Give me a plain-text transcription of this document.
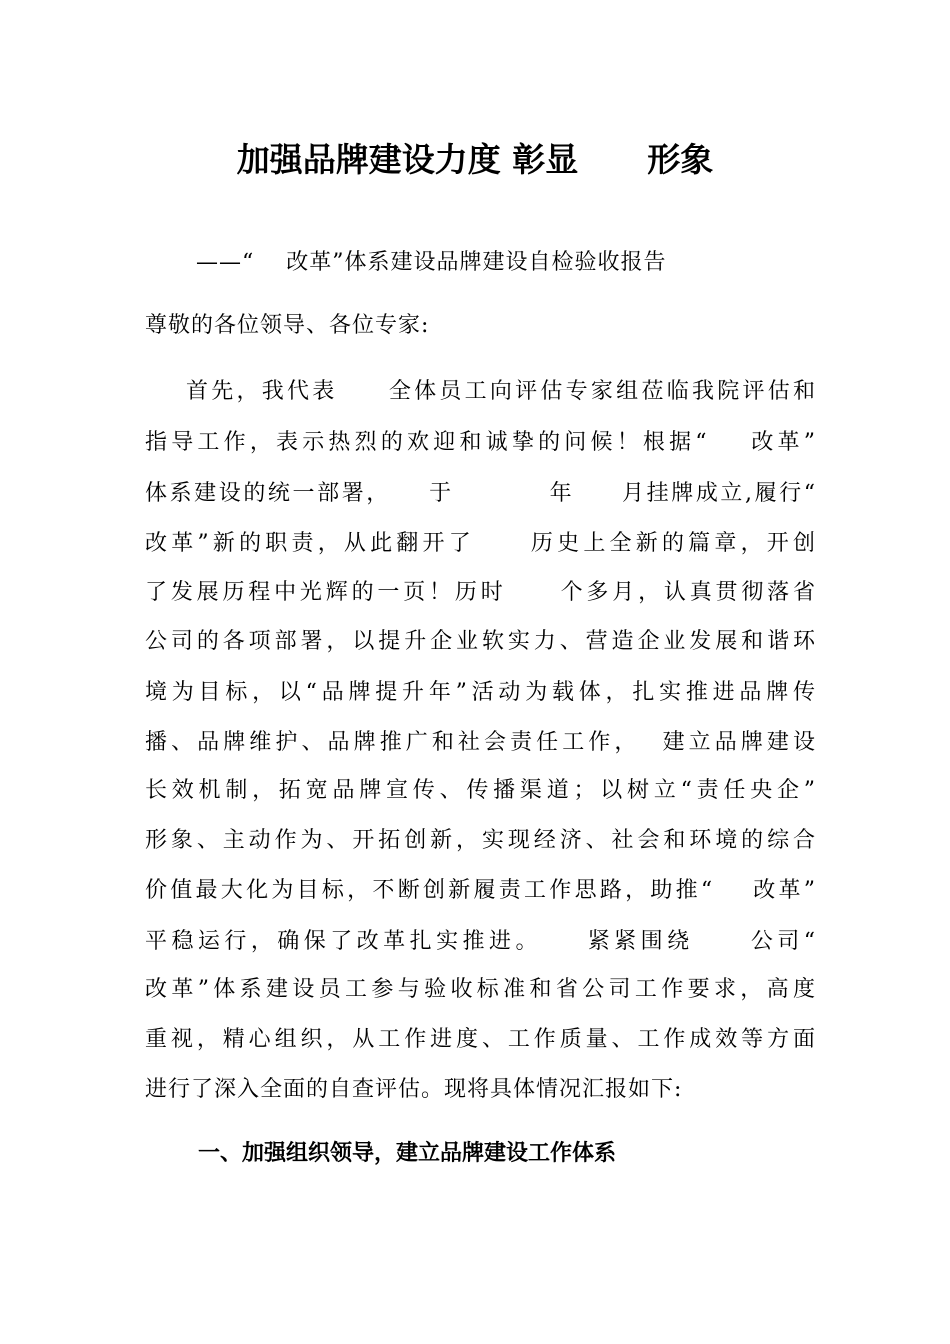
加强品牌建设力度 彰显      形象

——“    改革”体系建设品牌建设自检验收报告

尊敬的各位领导、各位专家:

首先，我代表     全体员工向评估专家组莅临我院评估和

指导工作，表示热烈的欢迎和诚挚的问候！根据“    改革”

体系建设的统一部署，    于          年     月挂牌成立,履行“

改革”新的职责，从此翻开了     历史上全新的篇章，开创

了发展历程中光辉的一页！历时     个多月，认真贯彻落省

公司的各项部署，以提升企业软实力、营造企业发展和谐环

境为目标，以“品牌提升年”活动为载体，扎实推进品牌传

播、品牌维护、品牌推广和社会责任工作，  建立品牌建设

长效机制，拓宽品牌宣传、传播渠道；以树立“责任央企”

形象、主动作为、开拓创新，实现经济、社会和环境的综合

价值最大化为目标，不断创新履责工作思路，助推“    改革”

平稳运行，确保了改革扎实推进。    紧紧围绕     公司“

改革”体系建设员工参与验收标准和省公司工作要求，高度

重视，精心组织，从工作进度、工作质量、工作成效等方面

进行了深入全面的自查评估。现将具体情况汇报如下:

一、加强组织领导，建立品牌建设工作体系
